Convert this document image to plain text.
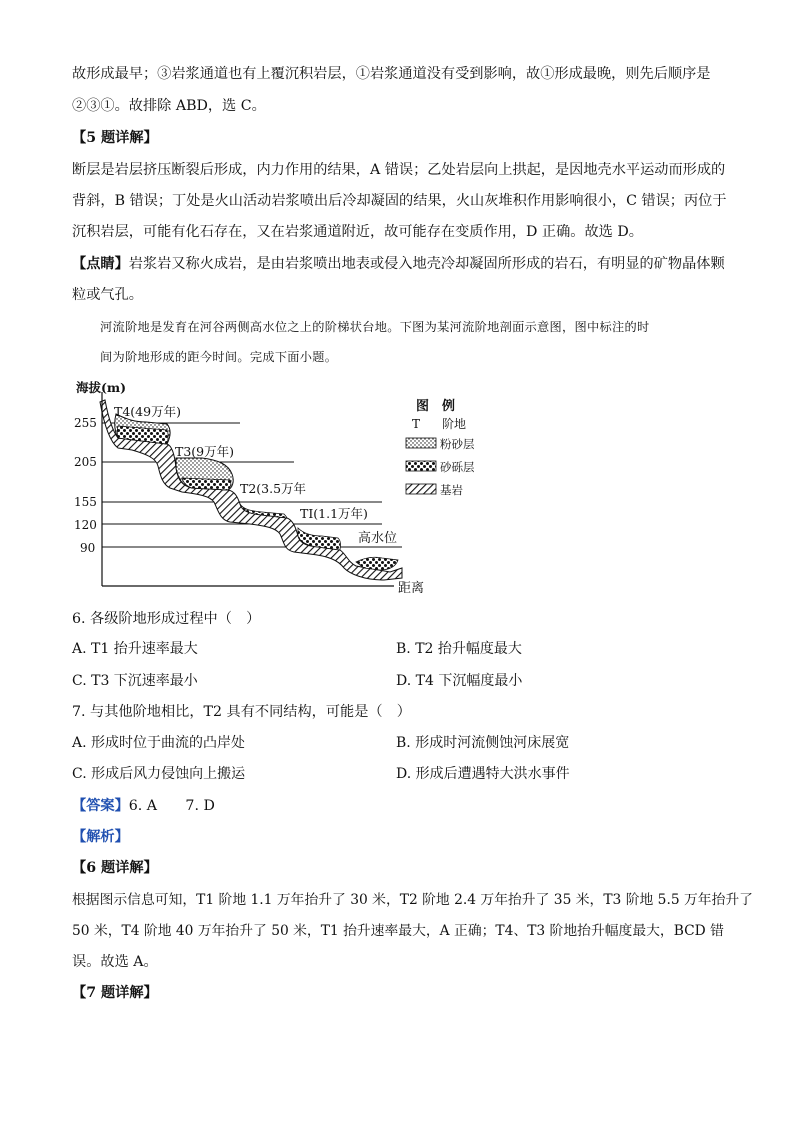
故形成最早；③岩浆通道也有上覆沉积岩层，①岩浆通道没有受到影响，故①形成最晚，则先后顺序是
②③①。故排除 ABD，选 C。
【5 题详解】
断层是岩层挤压断裂后形成，内力作用的结果，A 错误；乙处岩层向上拱起，是因地壳水平运动而形成的
背斜，B 错误；丁处是火山活动岩浆喷出后冷却凝固的结果，火山灰堆积作用影响很小，C 错误；丙位于
沉积岩层，可能有化石存在，又在岩浆通道附近，故可能存在变质作用，D 正确。故选 D。
【点睛】岩浆岩又称火成岩，是由岩浆喷出地表或侵入地壳冷却凝固所形成的岩石，有明显的矿物晶体颗
粒或气孔。
河流阶地是发育在河谷两侧高水位之上的阶梯状台地。下图为某河流阶地剖面示意图，图中标注的时
间为阶地形成的距今时间。完成下面小题。
海拔(m)
距离
255
205
155
120
90
T4(49万年)
T3(9万年)
T2(3.5万年
TI(1.1万年)
高水位
图　例
T 阶地
粉砂层
砂砾层
基岩
6. 各级阶地形成过程中（　）
A. T1 抬升速率最大	B. T2 抬升幅度最大
C. T3 下沉速率最小	D. T4 下沉幅度最小
7. 与其他阶地相比，T2 具有不同结构，可能是（　）
A. 形成时位于曲流的凸岸处	B. 形成时河流侧蚀河床展宽
C. 形成后风力侵蚀向上搬运	D. 形成后遭遇特大洪水事件
【答案】6. A　　7. D
【解析】
【6 题详解】
根据图示信息可知，T1 阶地 1.1 万年抬升了 30 米，T2 阶地 2.4 万年抬升了 35 米，T3 阶地 5.5 万年抬升了
50 米，T4 阶地 40 万年抬升了 50 米，T1 抬升速率最大，A 正确；T4、T3 阶地抬升幅度最大，BCD 错
误。故选 A。
【7 题详解】
